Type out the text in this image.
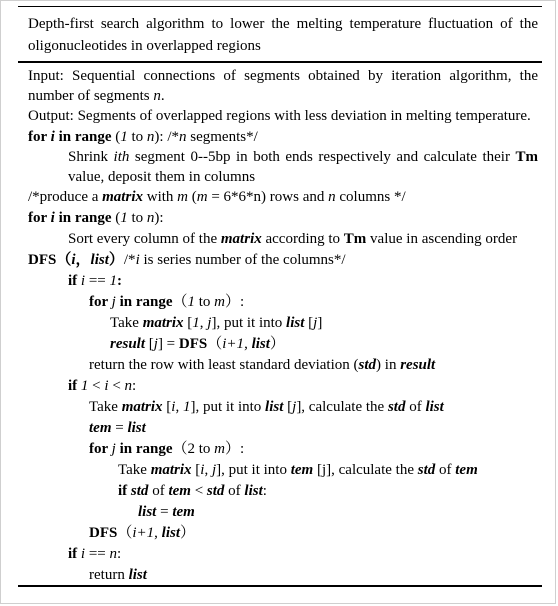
Depth-first search algorithm to lower the melting temperature fluctuation of the oligonucleotides in overlapped regions
Input: Sequential connections of segments obtained by iteration algorithm, the number of segments n.
Output: Segments of overlapped regions with less deviation in melting temperature.
for i in range (1 to n): /*n segments*/
Shrink ith segment 0--5bp in both ends respectively and calculate their Tm value, deposit them in columns
/*produce a matrix with m (m = 6*6*n) rows and n columns */
for i in range (1 to n):
Sort every column of the matrix according to Tm value in ascending order
DFS（i，list）/*i is series number of the columns*/
if i == 1:
for j in range（1 to m）:
Take matrix [1, j], put it into list [j]
result [j] = DFS（i+1, list）
return the row with least standard deviation (std) in result
if 1 < i < n:
Take matrix [i, 1], put it into list [j], calculate the std of list
tem = list
for j in range（2 to m）:
Take matrix [i, j], put it into tem [j], calculate the std of tem
if std of tem < std of list:
list = tem
DFS（i+1, list）
if i == n:
return list
